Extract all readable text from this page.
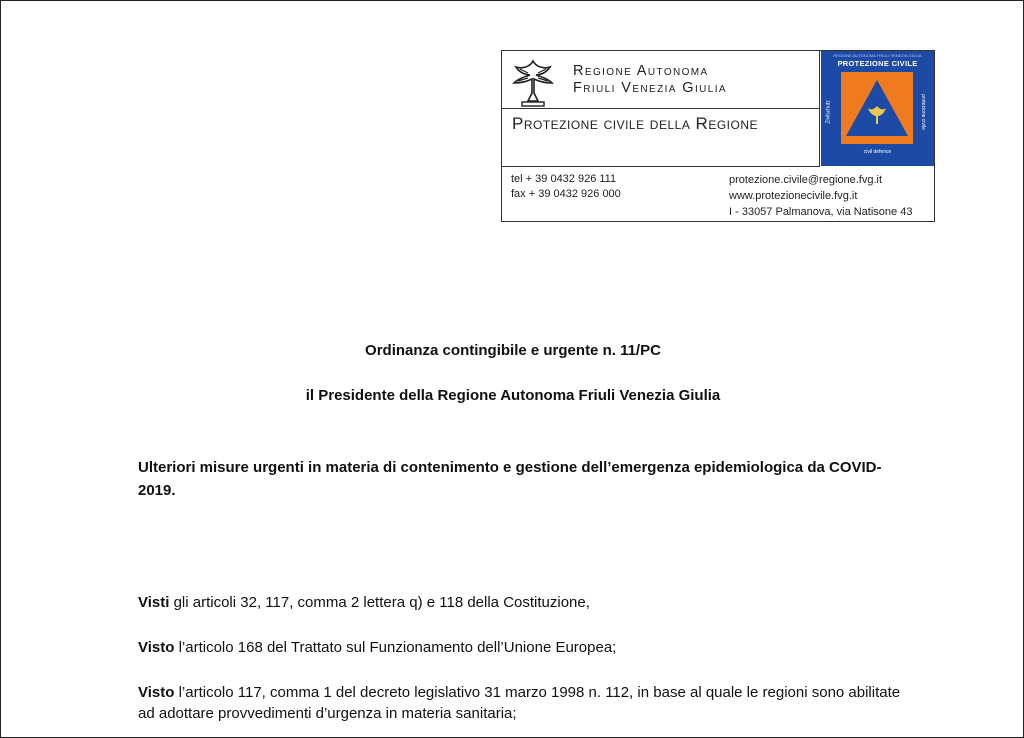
Regione Autonoma
Friuli Venezia Giulia
Protezione civile della Regione
REGIONE AUTONOMA FRIULI VENEZIA GIULIA
PROTEZIONE CIVILE
Zivilschutz	protezione civile
civil defence
tel + 39 0432 926 111
fax + 39 0432 926 000
protezione.civile@regione.fvg.it
www.protezionecivile.fvg.it
I - 33057 Palmanova, via Natisone 43
Ordinanza contingibile e urgente n. 11/PC
il Presidente della Regione Autonoma Friuli Venezia Giulia
Ulteriori misure urgenti in materia di contenimento e gestione dell’emergenza epidemiologica da COVID-2019.
Visti gli articoli 32, 117, comma 2 lettera q) e 118 della Costituzione,
Visto l’articolo 168 del Trattato sul Funzionamento dell’Unione Europea;
Visto l’articolo 117, comma 1 del decreto legislativo 31 marzo 1998 n. 112, in base al quale le regioni sono abilitate ad adottare provvedimenti d’urgenza in materia sanitaria;
